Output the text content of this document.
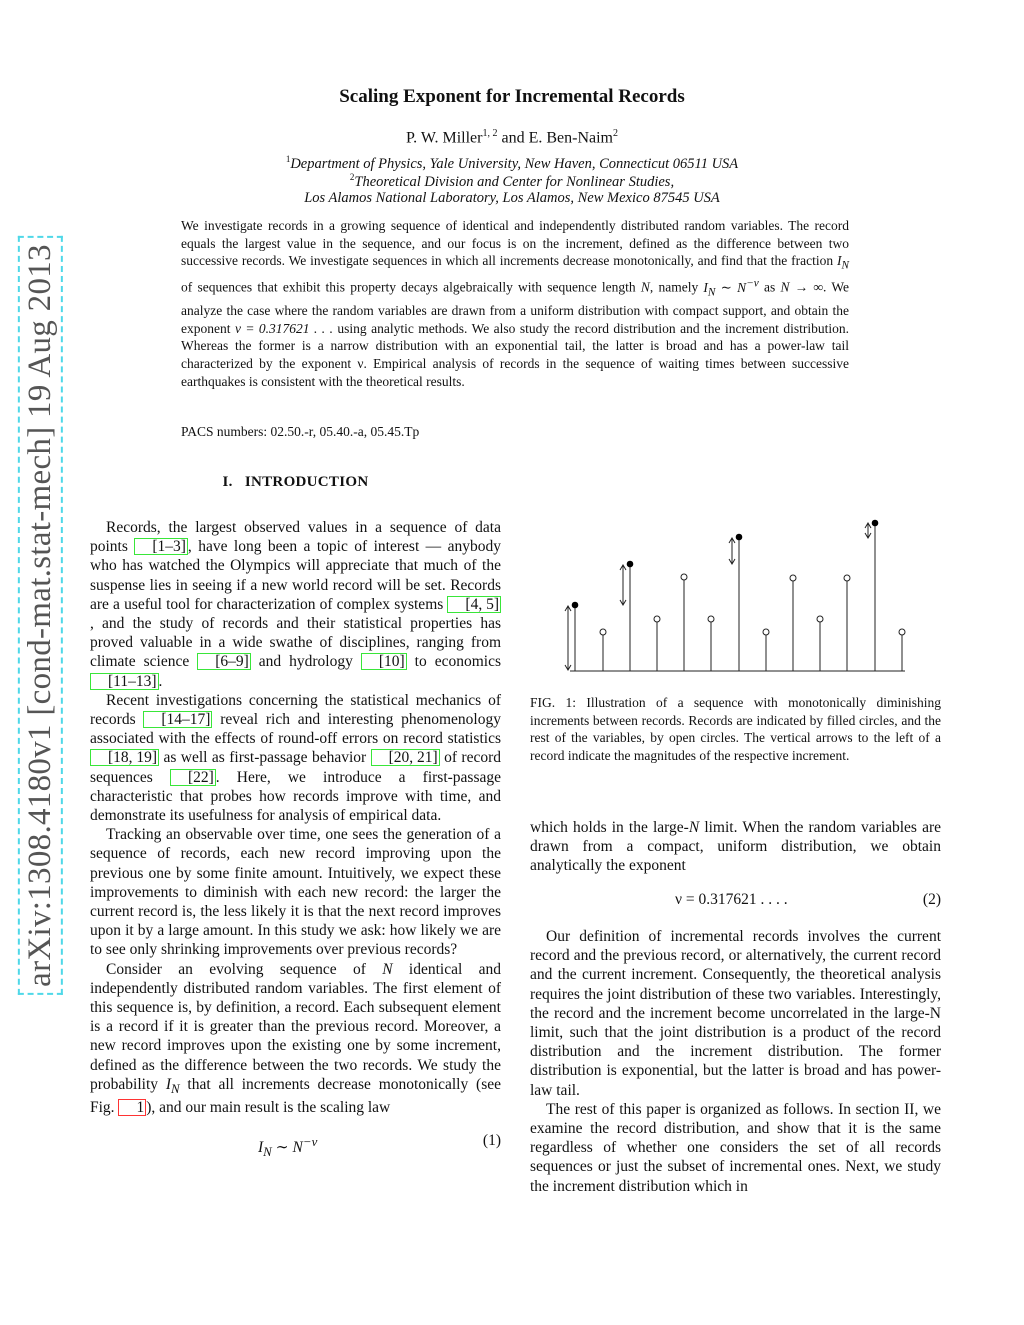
arXiv:1308.4180v1 [cond-mat.stat-mech] 19 Aug 2013
Scaling Exponent for Incremental Records
P. W. Miller$^{1, 2}$ and E. Ben-Naim$^2$
$^1$Department of Physics, Yale University, New Haven, Connecticut 06511 USA
$^2$Theoretical Division and Center for Nonlinear Studies,
Los Alamos National Laboratory, Los Alamos, New Mexico 87545 USA
We investigate records in a growing sequence of identical and independently distributed random variables. The record equals the largest value in the sequence, and our focus is on the increment, defined as the difference between two successive records. We investigate sequences in which all increments decrease monotonically, and find that the fraction $I_N$ of sequences that exhibit this property decays algebraically with sequence length N, namely $I_N$ ∼ $N^{-\nu}$ as N → ∞. We analyze the case where the random variables are drawn from a uniform distribution with compact support, and obtain the exponent ν = 0.317621 . . . using analytic methods. We also study the record distribution and the increment distribution. Whereas the former is a narrow distribution with an exponential tail, the latter is broad and has a power-law tail characterized by the exponent ν. Empirical analysis of records in the sequence of waiting times between successive earthquakes is consistent with the theoretical results.
PACS numbers: 02.50.-r, 05.40.-a, 05.45.Tp
I. INTRODUCTION

Records, the largest observed values in a sequence of data points [1–3] , have long been a topic of interest — anybody who has watched the Olympics will appreciate that much of the suspense lies in seeing if a new world record will be set. Records are a useful tool for characterization of complex systems [4, 5], and the study of records and their statistical properties has proved valuable in a wide swathe of disciplines, ranging from climate science [6–9] and hydrology [10] to economics [11–13] .

Recent investigations concerning the statistical mechanics of records [14–17] reveal rich and interesting phenomenology associated with the effects of round-off errors on record statistics [18, 19] as well as first-passage behavior [20, 21] of record sequences [22] . Here, we introduce a first-passage characteristic that probes how records improve with time, and demonstrate its usefulness for analysis of empirical data.

Tracking an observable over time, one sees the generation of a sequence of records, each new record improving upon the previous one by some finite amount. Intuitively, we expect these improvements to diminish with each new record: the larger the current record is, the less likely it is that the next record improves upon it by a large amount. In this study we ask: how likely we are to see only shrinking improvements over previous records?

Consider an evolving sequence of N identical and independently distributed random variables. The first element of this sequence is, by definition, a record. Each subsequent element is a record if it is greater than the previous record. Moreover, a new record improves upon the existing one by some increment, defined as the difference between the two records. We study the probability $I_N$ that all increments decrease monotonically (see Fig. 1 ), and our main result is the scaling law

$I_N$ ∼ $N^{-\nu}$	(1)
FIG. 1: Illustration of a sequence with monotonically diminishing increments between records. Records are indicated by filled circles, and the rest of the variables, by open circles. The vertical arrows to the left of a record indicate the magnitudes of the respective increment.

which holds in the large-N limit. When the random variables are drawn from a compact, uniform distribution, we obtain analytically the exponent

ν = 0.317621 . . . .	(2)

Our definition of incremental records involves the current record and the previous record, or alternatively, the current record and the current increment. Consequently, the theoretical analysis requires the joint distribution of these two variables. Interestingly, the record and the increment become uncorrelated in the large-N limit, such that the joint distribution is a product of the record distribution and the increment distribution. The former distribution is exponential, but the latter is broad and has power-law tail.

The rest of this paper is organized as follows. In section II, we examine the record distribution, and show that it is the same regardless of whether one considers the set of all records sequences or just the subset of incremental ones. Next, we study the increment distribution which in
